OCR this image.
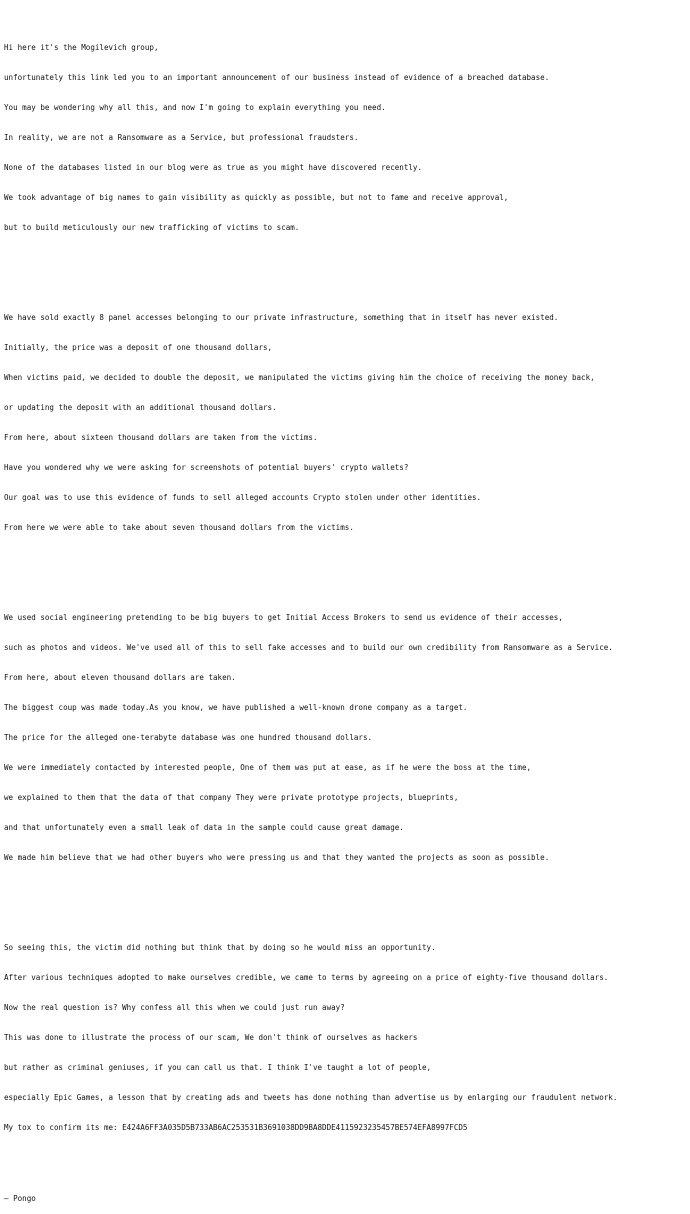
Hi here it's the Mogilevich group,

unfortunately this link led you to an important announcement of our business instead of evidence of a breached database.

You may be wondering why all this, and now I'm going to explain everything you need.

In reality, we are not a Ransomware as a Service, but professional fraudsters.

None of the databases listed in our blog were as true as you might have discovered recently.

We took advantage of big names to gain visibility as quickly as possible, but not to fame and receive approval,

but to build meticulously our new trafficking of victims to scam.

We have sold exactly 8 panel accesses belonging to our private infrastructure, something that in itself has never existed.

Initially, the price was a deposit of one thousand dollars,

When victims paid, we decided to double the deposit, we manipulated the victims giving him the choice of receiving the money back,

or updating the deposit with an additional thousand dollars.

From here, about sixteen thousand dollars are taken from the victims.

Have you wondered why we were asking for screenshots of potential buyers' crypto wallets?

Our goal was to use this evidence of funds to sell alleged accounts Crypto stolen under other identities.

From here we were able to take about seven thousand dollars from the victims.

We used social engineering pretending to be big buyers to get Initial Access Brokers to send us evidence of their accesses,

such as photos and videos. We've used all of this to sell fake accesses and to build our own credibility from Ransomware as a Service.

From here, about eleven thousand dollars are taken.

The biggest coup was made today.As you know, we have published a well-known drone company as a target.

The price for the alleged one-terabyte database was one hundred thousand dollars.

We were immediately contacted by interested people, One of them was put at ease, as if he were the boss at the time,

we explained to them that the data of that company They were private prototype projects, blueprints,

and that unfortunately even a small leak of data in the sample could cause great damage.

We made him believe that we had other buyers who were pressing us and that they wanted the projects as soon as possible.

So seeing this, the victim did nothing but think that by doing so he would miss an opportunity.

After various techniques adopted to make ourselves credible, we came to terms by agreeing on a price of eighty-five thousand dollars.

Now the real question is? Why confess all this when we could just run away?

This was done to illustrate the process of our scam, We don't think of ourselves as hackers

but rather as criminal geniuses, if you can call us that. I think I've taught a lot of people,

especially Epic Games, a lesson that by creating ads and tweets has done nothing than advertise us by enlarging our fraudulent network.

My tox to confirm its me: E424A6FF3A035D5B733AB6AC253531B3691038DD9BA8DDE4115923235457BE574EFA8997FCD5

— Pongo
